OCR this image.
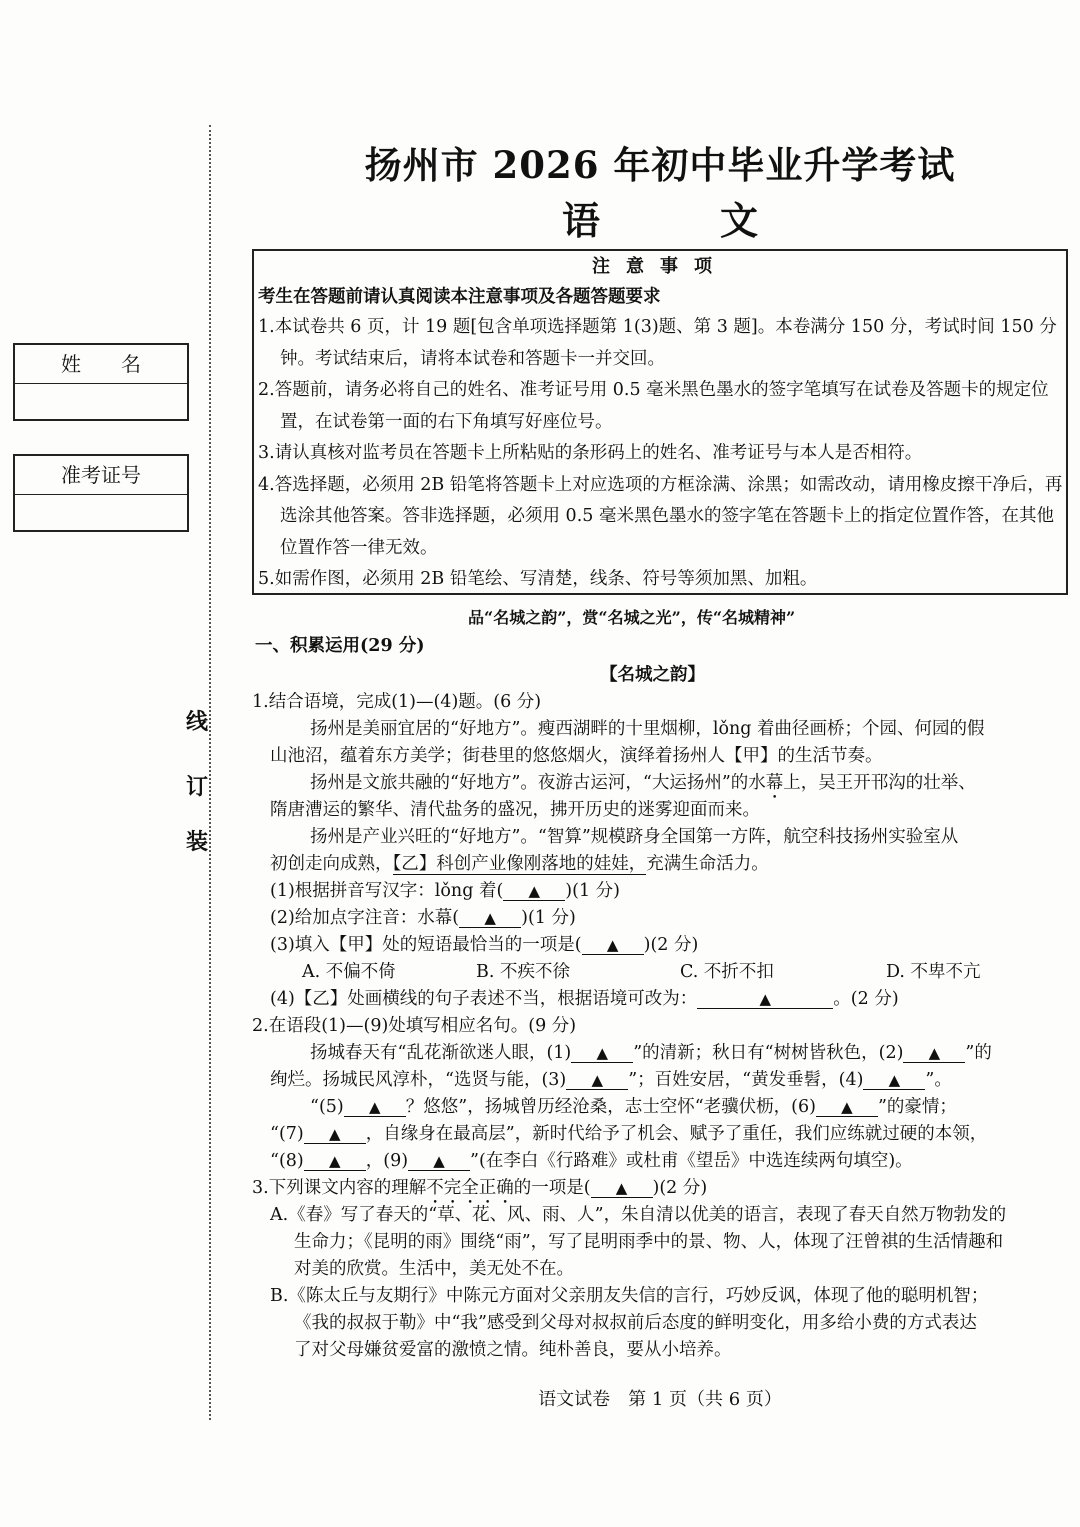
线
订
装
姓　　名
准考证号
扬州市 2026 年初中毕业升学考试
语文
注意事项
考生在答题前请认真阅读本注意事项及各题答题要求
1.本试卷共 6 页，计 19 题[包含单项选择题第 1(3)题、第 3 题]。本卷满分 150 分，考试时间 150 分钟。考试结束后，请将本试卷和答题卡一并交回。
2.答题前，请务必将自己的姓名、准考证号用 0.5 毫米黑色墨水的签字笔填写在试卷及答题卡的规定位置，在试卷第一面的右下角填写好座位号。
3.请认真核对监考员在答题卡上所粘贴的条形码上的姓名、准考证号与本人是否相符。
4.答选择题，必须用 2B 铅笔将答题卡上对应选项的方框涂满、涂黑；如需改动，请用橡皮擦干净后，再选涂其他答案。答非选择题，必须用 0.5 毫米黑色墨水的签字笔在答题卡上的指定位置作答，在其他位置作答一律无效。
5.如需作图，必须用 2B 铅笔绘、写清楚，线条、符号等须加黑、加粗。
品“名城之韵”，赏“名城之光”，传“名城精神”
一、积累运用(29 分)
【名城之韵】
1.结合语境，完成(1)—(4)题。(6 分)
扬州是美丽宜居的“好地方”。瘦西湖畔的十里烟柳，lǒng 着曲径画桥；个园、何园的假
山池沼，蕴着东方美学；街巷里的悠悠烟火，演绎着扬州人【甲】的生活节奏。
扬州是文旅共融的“好地方”。夜游古运河，“大运扬州”的水幕上，吴王开邗沟的壮举、
隋唐漕运的繁华、清代盐务的盛况，拂开历史的迷雾迎面而来。
扬州是产业兴旺的“好地方”。“智算”规模跻身全国第一方阵，航空科技扬州实验室从
初创走向成熟，【乙】科创产业像刚落地的娃娃，充满生命活力。
(1)根据拼音写汉字：lǒng 着( ▲ )(1 分)
(2)给加点字注音：水幕( ▲ )(1 分)
(3)填入【甲】处的短语最恰当的一项是( ▲ )(2 分)
A. 不偏不倚	B. 不疾不徐	C. 不折不扣	D. 不卑不亢
(4)【乙】处画横线的句子表述不当，根据语境可改为：	▲	。(2 分)
2.在语段(1)—(9)处填写相应名句。(9 分)
扬城春天有“乱花渐欲迷人眼，(1) ▲ ”的清新；秋日有“树树皆秋色，(2) ▲ ”的
绚烂。扬城民风淳朴，“选贤与能，(3) ▲ ”；百姓安居，“黄发垂髫，(4) ▲ ”。
“(5) ▲ ？悠悠”，扬城曾历经沧桑，志士空怀“老骥伏枥，(6) ▲ ”的豪情；
“(7) ▲ ，自缘身在最高层”，新时代给予了机会、赋予了重任，我们应练就过硬的本领，
“(8) ▲ ，(9) ▲ ”(在李白《行路难》或杜甫《望岳》中选连续两句填空)。
3.下列课文内容的理解不完全正确的一项是( ▲ )(2 分)
A.《春》写了春天的“草、花、风、雨、人”，朱自清以优美的语言，表现了春天自然万物勃发的
生命力；《昆明的雨》围绕“雨”，写了昆明雨季中的景、物、人，体现了汪曾祺的生活情趣和
对美的欣赏。生活中，美无处不在。
B.《陈太丘与友期行》中陈元方面对父亲朋友失信的言行，巧妙反讽，体现了他的聪明机智；
《我的叔叔于勒》中“我”感受到父母对叔叔前后态度的鲜明变化，用多给小费的方式表达
了对父母嫌贫爱富的激愤之情。纯朴善良，要从小培养。
语文试卷　第 1 页（共 6 页）
